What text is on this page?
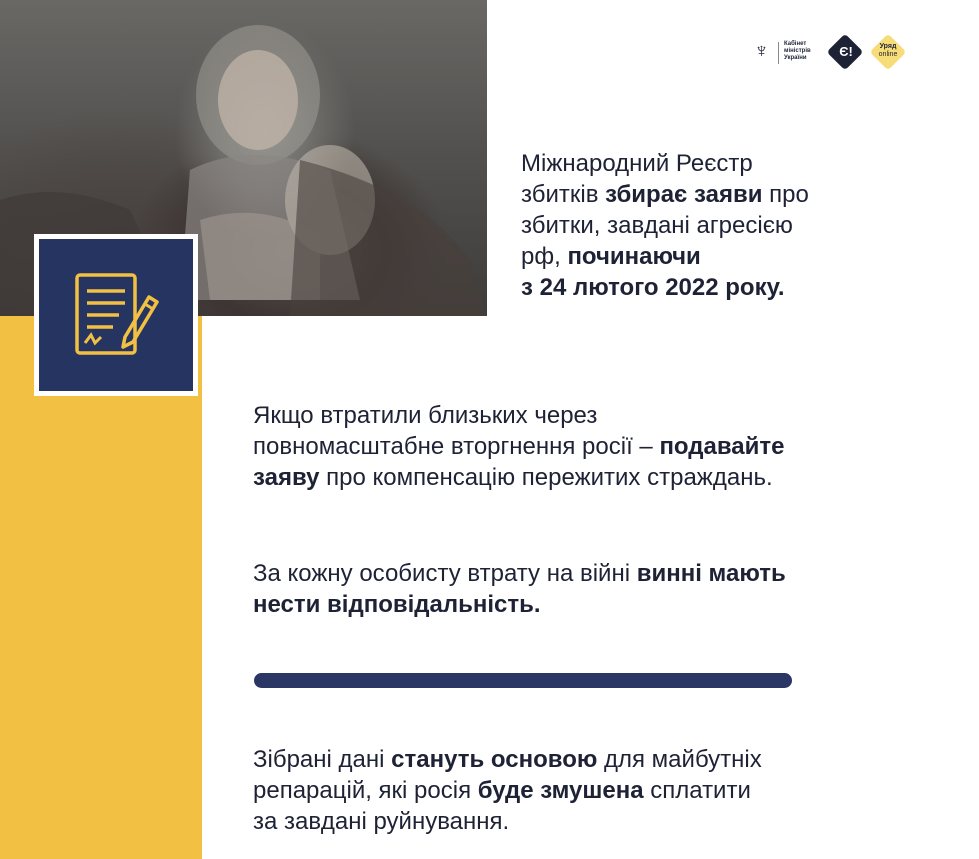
♆	Кабінет міністрів України	Є!	Уряд
online
Міжнародний Реєстр
збитків збирає заяви про
збитки, завдані агресією
рф, починаючи
з 24 лютого 2022 року.
Якщо втратили близьких через
повномасштабне вторгнення росії – подавайте
заяву про компенсацію пережитих страждань.
За кожну особисту втрату на війні винні мають
нести відповідальність.
Зібрані дані стануть основою для майбутніх
репарацій, які росія буде змушена сплатити
за завдані руйнування.
